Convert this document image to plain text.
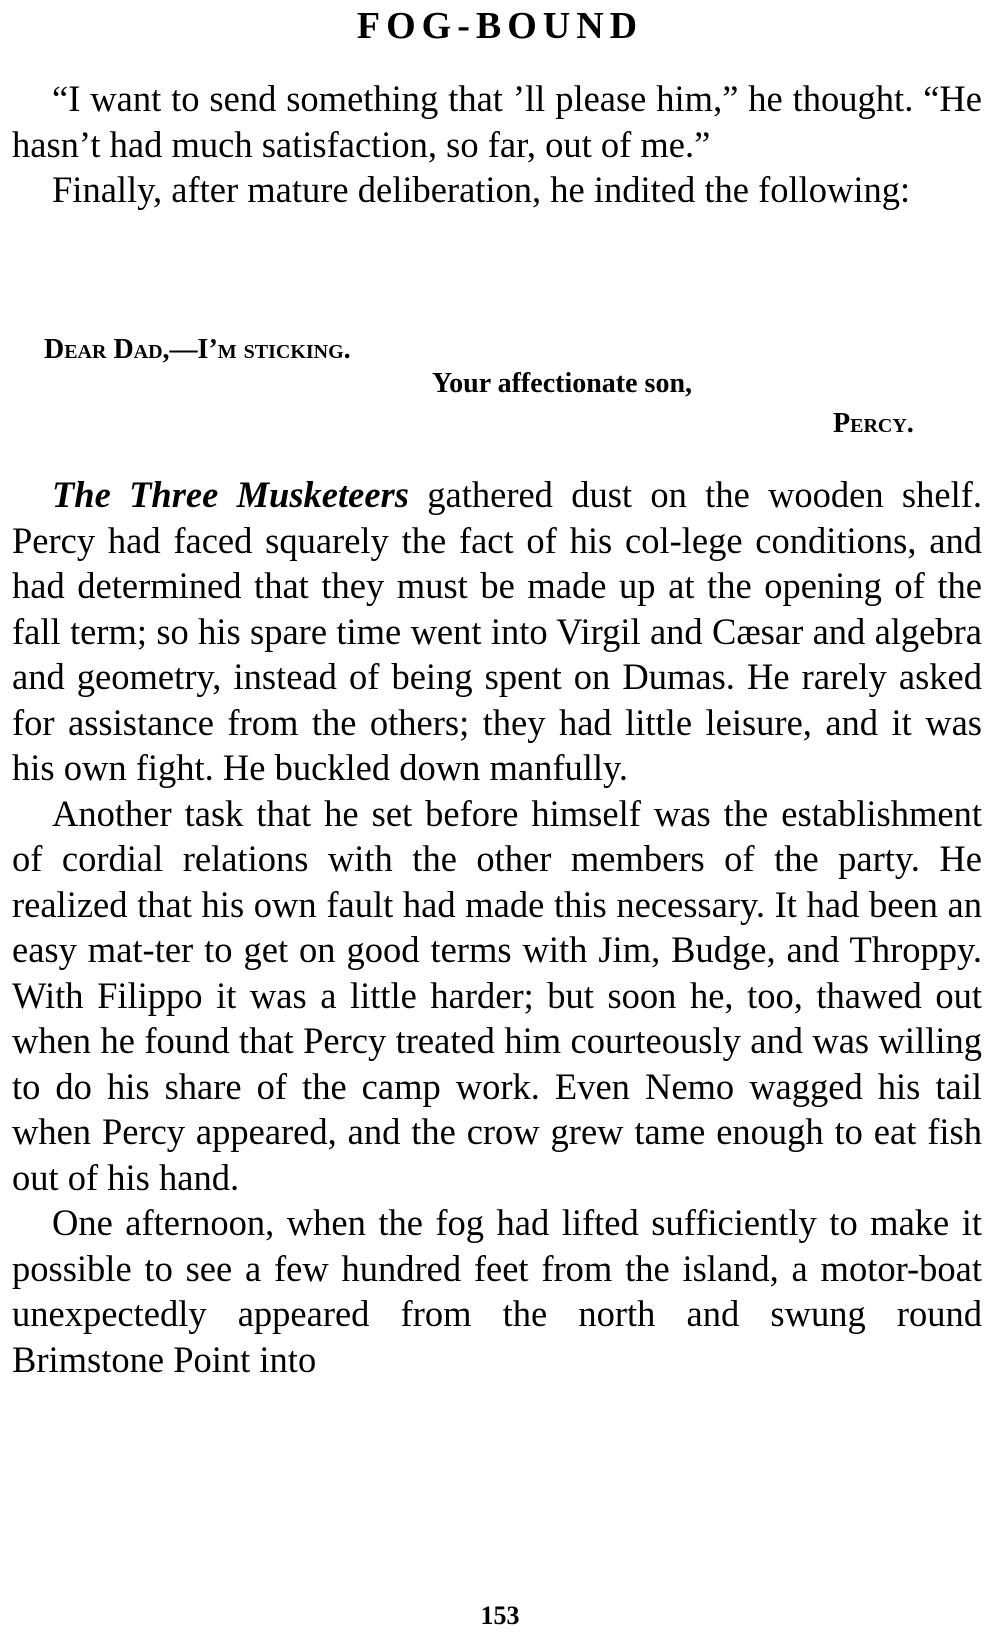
FOG-BOUND

“I want to send something that ’ll please him,” he thought. “He hasn’t had much satisfaction, so far, out of me.”

Finally, after mature deliberation, he indited the following:

Dear Dad,—I’m sticking.
Your affectionate son,
Percy.

The Three Musketeers gathered dust on the wooden shelf. Percy had faced squarely the fact of his col-lege conditions, and had determined that they must be made up at the opening of the fall term; so his spare time went into Virgil and Cæsar and algebra and geometry, instead of being spent on Dumas. He rarely asked for assistance from the others; they had little leisure, and it was his own fight. He buckled down manfully.

Another task that he set before himself was the establishment of cordial relations with the other members of the party. He realized that his own fault had made this necessary. It had been an easy mat-ter to get on good terms with Jim, Budge, and Throppy. With Filippo it was a little harder; but soon he, too, thawed out when he found that Percy treated him courteously and was willing to do his share of the camp work. Even Nemo wagged his tail when Percy appeared, and the crow grew tame enough to eat fish out of his hand.

One afternoon, when the fog had lifted sufficiently to make it possible to see a few hundred feet from the island, a motor-boat unexpectedly appeared from the north and swung round Brimstone Point into

153
